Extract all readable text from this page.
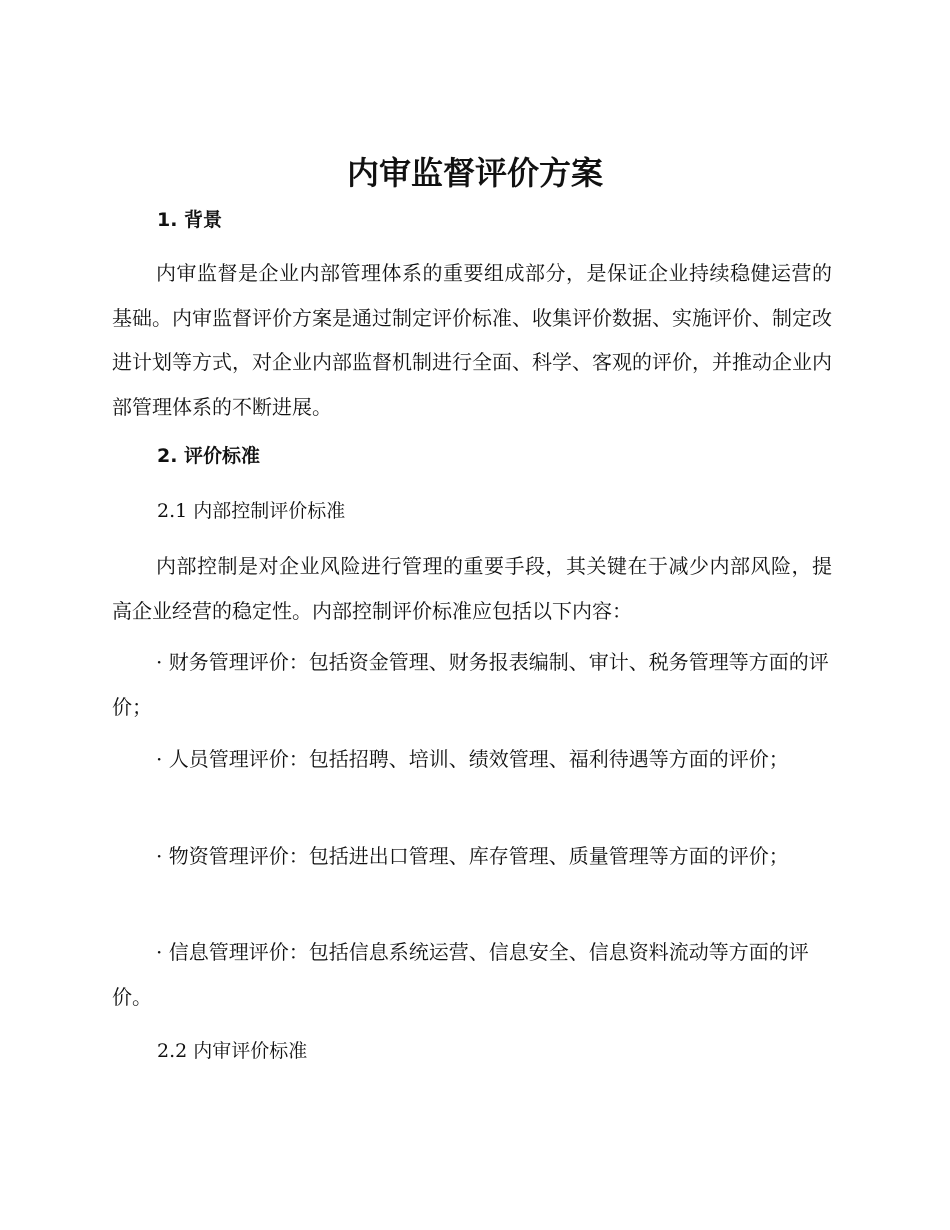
内审监督评价方案
1. 背景

内审监督是企业内部管理体系的重要组成部分，是保证企业持续稳健运营的基础。内审监督评价方案是通过制定评价标准、收集评价数据、实施评价、制定改进计划等方式，对企业内部监督机制进行全面、科学、客观的评价，并推动企业内部管理体系的不断进展。

2. 评价标准
2.1 内部控制评价标准

内部控制是对企业风险进行管理的重要手段，其关键在于减少内部风险，提高企业经营的稳定性。内部控制评价标准应包括以下内容：

· 财务管理评价：包括资金管理、财务报表编制、审计、税务管理等方面的评价；

· 人员管理评价：包括招聘、培训、绩效管理、福利待遇等方面的评价；

· 物资管理评价：包括进出口管理、库存管理、质量管理等方面的评价；

· 信息管理评价：包括信息系统运营、信息安全、信息资料流动等方面的评价。

2.2 内审评价标准
